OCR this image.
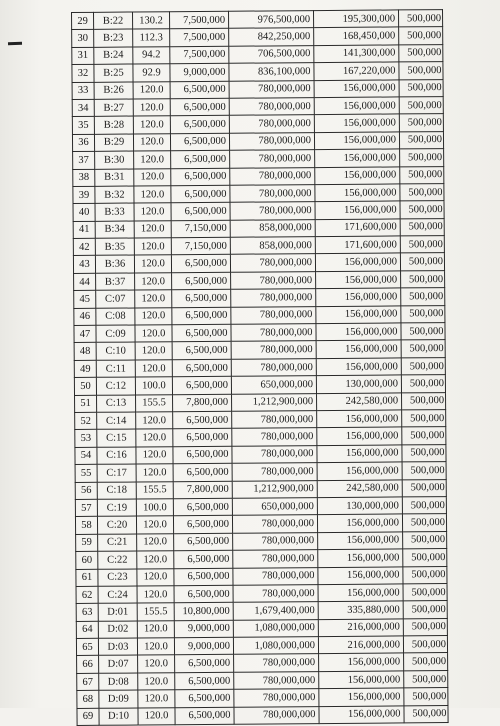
29	B:22	130.2	7,500,000	976,500,000	195,300,000	500,000
30	B:23	112.3	7,500,000	842,250,000	168,450,000	500,000
31	B:24	94.2	7,500,000	706,500,000	141,300,000	500,000
32	B:25	92.9	9,000,000	836,100,000	167,220,000	500,000
33	B:26	120.0	6,500,000	780,000,000	156,000,000	500,000
34	B:27	120.0	6,500,000	780,000,000	156,000,000	500,000
35	B:28	120.0	6,500,000	780,000,000	156,000,000	500,000
36	B:29	120.0	6,500,000	780,000,000	156,000,000	500,000
37	B:30	120.0	6,500,000	780,000,000	156,000,000	500,000
38	B:31	120.0	6,500,000	780,000,000	156,000,000	500,000
39	B:32	120.0	6,500,000	780,000,000	156,000,000	500,000
40	B:33	120.0	6,500,000	780,000,000	156,000,000	500,000
41	B:34	120.0	7,150,000	858,000,000	171,600,000	500,000
42	B:35	120.0	7,150,000	858,000,000	171,600,000	500,000
43	B:36	120.0	6,500,000	780,000,000	156,000,000	500,000
44	B:37	120.0	6,500,000	780,000,000	156,000,000	500,000
45	C:07	120.0	6,500,000	780,000,000	156,000,000	500,000
46	C:08	120.0	6,500,000	780,000,000	156,000,000	500,000
47	C:09	120.0	6,500,000	780,000,000	156,000,000	500,000
48	C:10	120.0	6,500,000	780,000,000	156,000,000	500,000
49	C:11	120.0	6,500,000	780,000,000	156,000,000	500,000
50	C:12	100.0	6,500,000	650,000,000	130,000,000	500,000
51	C:13	155.5	7,800,000	1,212,900,000	242,580,000	500,000
52	C:14	120.0	6,500,000	780,000,000	156,000,000	500,000
53	C:15	120.0	6,500,000	780,000,000	156,000,000	500,000
54	C:16	120.0	6,500,000	780,000,000	156,000,000	500,000
55	C:17	120.0	6,500,000	780,000,000	156,000,000	500,000
56	C:18	155.5	7,800,000	1,212,900,000	242,580,000	500,000
57	C:19	100.0	6,500,000	650,000,000	130,000,000	500,000
58	C:20	120.0	6,500,000	780,000,000	156,000,000	500,000
59	C:21	120.0	6,500,000	780,000,000	156,000,000	500,000
60	C:22	120.0	6,500,000	780,000,000	156,000,000	500,000
61	C:23	120.0	6,500,000	780,000,000	156,000,000	500,000
62	C:24	120.0	6,500,000	780,000,000	156,000,000	500,000
63	D:01	155.5	10,800,000	1,679,400,000	335,880,000	500,000
64	D:02	120.0	9,000,000	1,080,000,000	216,000,000	500,000
65	D:03	120.0	9,000,000	1,080,000,000	216,000,000	500,000
66	D:07	120.0	6,500,000	780,000,000	156,000,000	500,000
67	D:08	120.0	6,500,000	780,000,000	156,000,000	500,000
68	D:09	120.0	6,500,000	780,000,000	156,000,000	500,000
69	D:10	120.0	6,500,000	780,000,000	156,000,000	500,000
